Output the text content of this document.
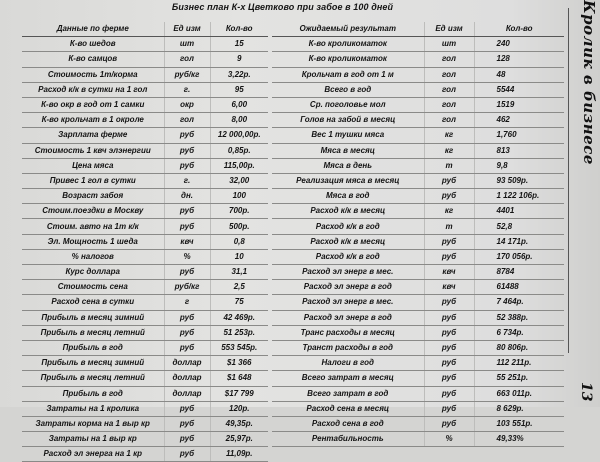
Бизнес план К-х Цветково при забое в 100 дней
Данные по ферме	Ед изм	Кол-во
К-во шедов	шт	15
К-во самцов	гол	9
Стоимость 1т/корма	руб/кг	3,22р.
Расход к/к в сутки на 1 гол	г.	95
К-во окр в год от 1 самки	окр	6,00
К-во крольчат в 1 окроле	гол	8,00
Зарплата ферме	руб	12 000,00р.
Стоимость 1 квч элэнергии	руб	0,85р.
Цена мяса	руб	115,00р.
Привес 1 гол в сутки	г.	32,00
Возраст забоя	дн.	100
Стоим.поездки в Москву	руб	700р.
Стоим. авто на 1т к/к	руб	500р.
Эл. Мощность 1 шеда	квч	0,8
% налогов	%	10
Курс доллара	руб	31,1
Стоимость сена	руб/кг	2,5
Расход сена в сутки	г	75
Прибыль в месяц зимний	руб	42 469р.
Прибыль в месяц летний	руб	51 253р.
Прибыль в год	руб	553 545р.
Прибыль в месяц зимний	доллар	$1 366
Прибыль в месяц летний	доллар	$1 648
Прибыль в год	доллар	$17 799
Затраты на 1 кролика	руб	120р.
Затраты корма на 1 выр кр	руб	49,35р.
Затраты на 1 выр кр	руб	25,97р.
Расход эл энерга на 1 кр	руб	11,09р.
Ожидаемый результат	Ед изм	Кол-во
К-во кроликоматок	шт	240
К-во кроликоматок	гол	128
Крольчат в год от 1 м	гол	48
Всего в год	гол	5544
Ср. поголовье мол	гол	1519
Голов на забой в месяц	гол	462
Вес 1 тушки мяса	кг	1,760
Мяса в месяц	кг	813
Мяса в день	т	9,8
Реализация мяса в месяц	руб	93 509р.
Мяса в год	руб	1 122 106р.
Расход к/к в месяц	кг	4401
Расход к/к в год	т	52,8
Расход к/к в месяц	руб	14 171р.
Расход к/к в год	руб	170 056р.
Расход эл энерг в мес.	квч	8784
Расход эл энерг в год	квч	61488
Расход эл энерг в мес.	руб	7 464р.
Расход эл энерг в год	руб	52 388р.
Транс расходы в месяц	руб	6 734р.
Транст расходы в год	руб	80 806р.
Налоги в год	руб	112 211р.
Всего затрат в месяц	руб	55 251р.
Всего затрат в год	руб	663 011р.
Расход сена в месяц	руб	8 629р.
Расход сена в год	руб	103 551р.
Рентабильность	%	49,33%
Кролик в бизнесе
13
